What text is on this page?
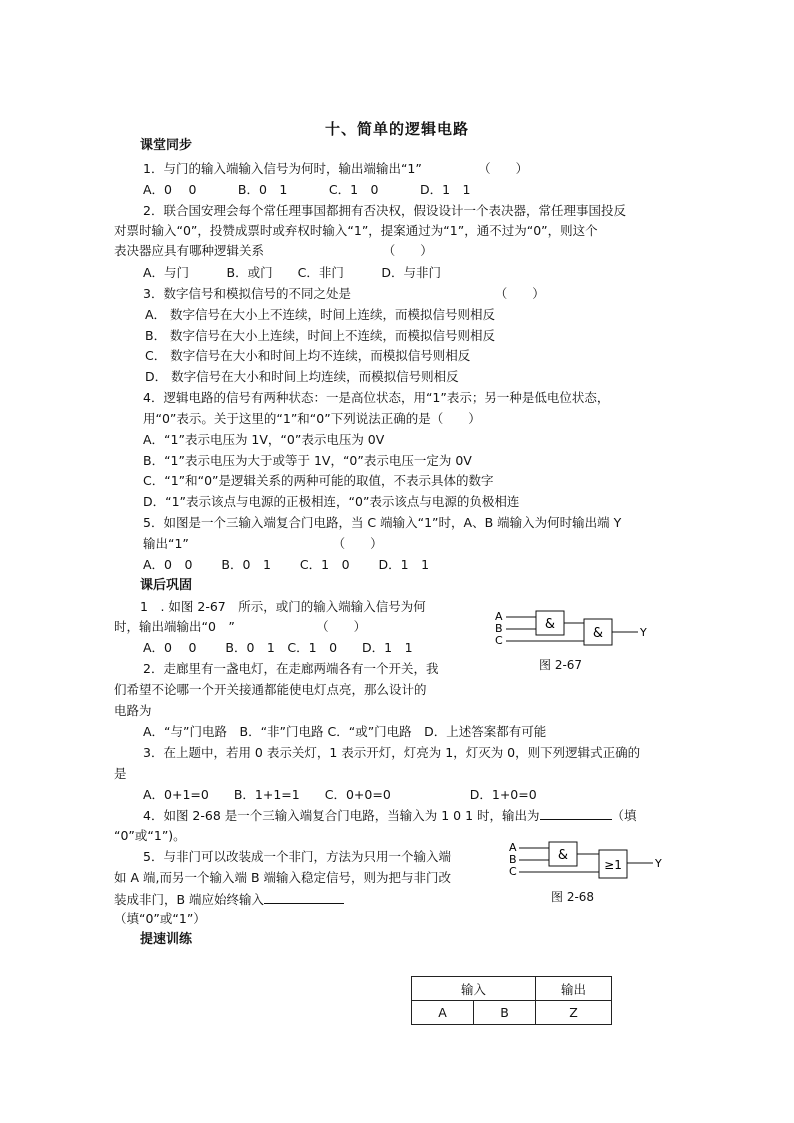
十、简单的逻辑电路
课堂同步
1．与门的输入端输入信号为何时，输出端输出“1”　　　　　（　　）
A．0　 0　　　 B．0　1　　　 C．1　0　　　 D．1　1
2．联合国安理会每个常任理事国都拥有否决权，假设设计一个表决器，常任理事国投反
对票时输入“0”，投赞成票时或弃权时输入“1”，提案通过为“1”，通不过为“0”，则这个
表决器应具有哪种逻辑关系　　　　　　　　　　（　　）
A．与门　　　B．或门　　C．非门　　　D．与非门
3．数字信号和模拟信号的不同之处是　　　　　　　　　　　　（　　）
A． 数字信号在大小上不连续，时间上连续，而模拟信号则相反
B． 数字信号在大小上连续，时间上不连续，而模拟信号则相反
C． 数字信号在大小和时间上均不连续，而模拟信号则相反
D． 数字信号在大小和时间上均连续，而模拟信号则相反
4．逻辑电路的信号有两种状态：一是高位状态，用“1”表示；另一种是低电位状态，
用“0”表示。关于这里的“1”和“0”下列说法正确的是（　　）
A．“1”表示电压为 1V，“0”表示电压为 0V
B．“1”表示电压为大于或等于 1V，“0”表示电压一定为 0V
C．“1”和“0”是逻辑关系的两种可能的取值，不表示具体的数字
D．“1”表示该点与电源的正极相连，“0”表示该点与电源的负极相连
5．如图是一个三输入端复合门电路，当 C 端输入“1”时，A、B 端输入为何时输出端 Y
输出“1”　　　　　　　　　　　　（　　）
A．0　0　　 B．0　1　　 C．1　0　　 D．1　1
课后巩固
1　. 如图 2-67　所示，或门的输入端输入信号为何
时，输出端输出“0　”　　　　　　　（　　）
A．0　 0　　 B．0　1　C．1　0　　D．1　1
2．走廊里有一盏电灯，在走廊两端各有一个开关，我
们希望不论哪一个开关接通都能使电灯点亮，那么设计的
电路为
A．“与”门电路　B．“非”门电路 C．“或”门电路　D．上述答案都有可能
3．在上题中，若用 0 表示关灯，1 表示开灯，灯亮为 1，灯灭为 0，则下列逻辑式正确的
是
A．0+1=0　　B．1+1=1　　C．0+0=0　　　　　　 D．1+0=0
4．如图 2-68 是一个三输入端复合门电路，当输入为 1 0 1 时，输出为	（填
“0”或“1”)。
5．与非门可以改装成一个非门，方法为只用一个输入端
如 A 端,而另一个输入端 B 端输入稳定信号，则为把与非门改
装成非门，B 端应始终输入
（填“0”或“1”）
提速训练
A
B
C
&
&	Y
图 2-67
A
B
C
&
≥1	Y
图 2-68
输入		输出
A	B	Z
